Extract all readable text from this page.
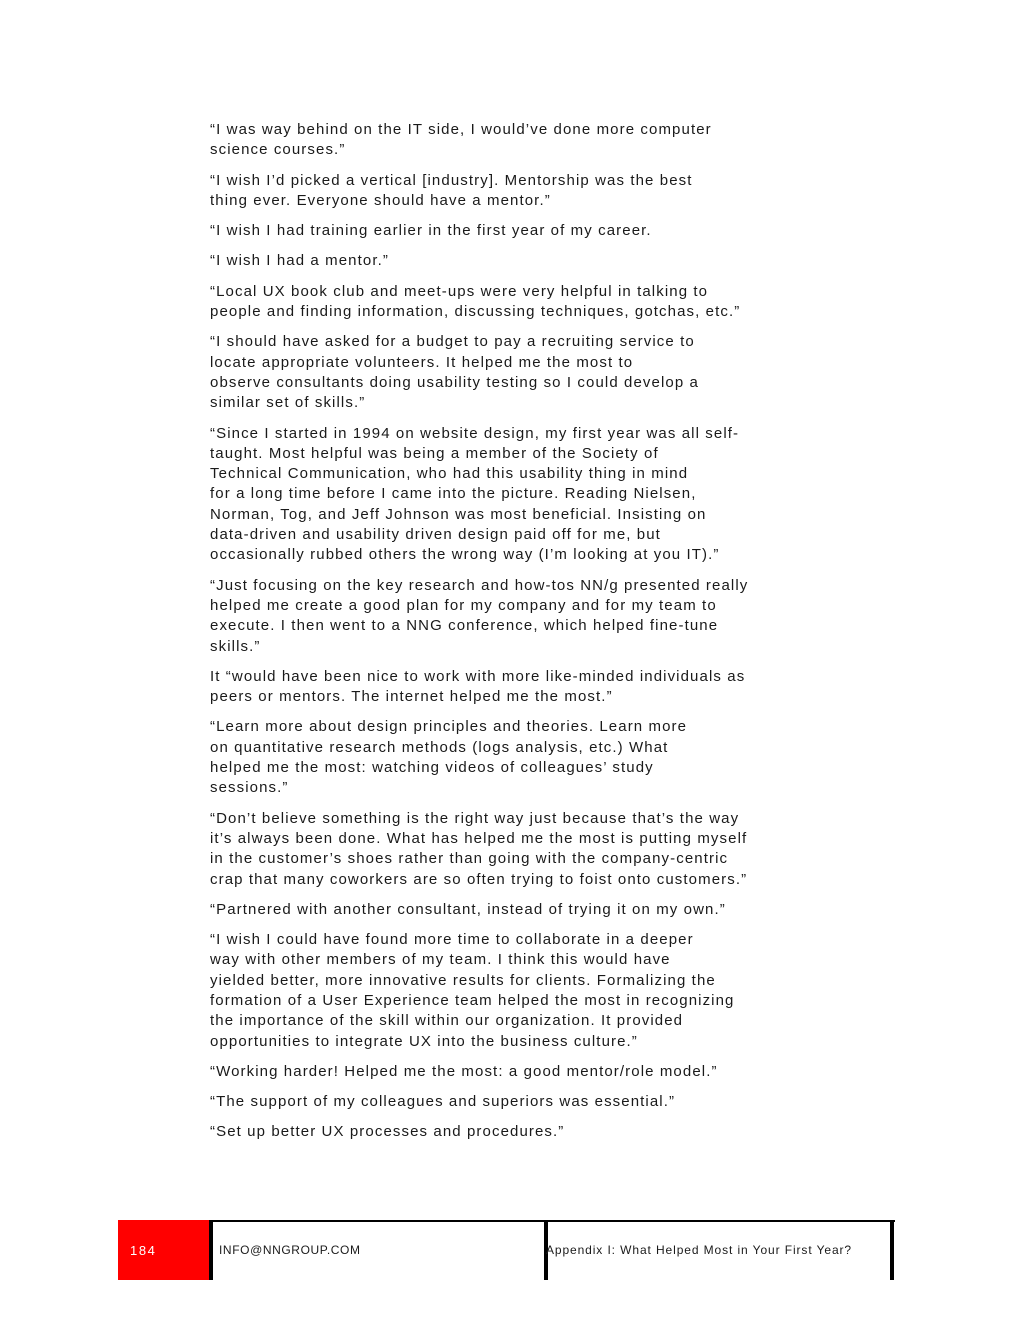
“I was way behind on the IT side, I would’ve done more computer
science courses.”

“I wish I’d picked a vertical [industry]. Mentorship was the best
thing ever. Everyone should have a mentor.”

“I wish I had training earlier in the first year of my career.

“I wish I had a mentor.”

“Local UX book club and meet-ups were very helpful in talking to
people and finding information, discussing techniques, gotchas, etc.”

“I should have asked for a budget to pay a recruiting service to
locate appropriate volunteers. It helped me the most to
observe consultants doing usability testing so I could develop a
similar set of skills.”

“Since I started in 1994 on website design, my first year was all self-
taught. Most helpful was being a member of the Society of
Technical Communication, who had this usability thing in mind
for a long time before I came into the picture. Reading Nielsen,
Norman, Tog, and Jeff Johnson was most beneficial. Insisting on
data-driven and usability driven design paid off for me, but
occasionally rubbed others the wrong way (I’m looking at you IT).”

“Just focusing on the key research and how-tos NN/g presented really
helped me create a good plan for my company and for my team to
execute. I then went to a NNG conference, which helped fine-tune
skills.”

It “would have been nice to work with more like-minded individuals as
peers or mentors. The internet helped me the most.”

“Learn more about design principles and theories. Learn more
on quantitative research methods (logs analysis, etc.) What
helped me the most: watching videos of colleagues’ study
sessions.”

“Don’t believe something is the right way just because that’s the way
it’s always been done. What has helped me the most is putting myself
in the customer’s shoes rather than going with the company-centric
crap that many coworkers are so often trying to foist onto customers.”

“Partnered with another consultant, instead of trying it on my own.”

“I wish I could have found more time to collaborate in a deeper
way with other members of my team. I think this would have
yielded better, more innovative results for clients. Formalizing the
formation of a User Experience team helped the most in recognizing
the importance of the skill within our organization. It provided
opportunities to integrate UX into the business culture.”

“Working harder! Helped me the most: a good mentor/role model.”

“The support of my colleagues and superiors was essential.”

“Set up better UX processes and procedures.”

184	INFO@NNGROUP.COM	Appendix I: What Helped Most in Your First Year?
